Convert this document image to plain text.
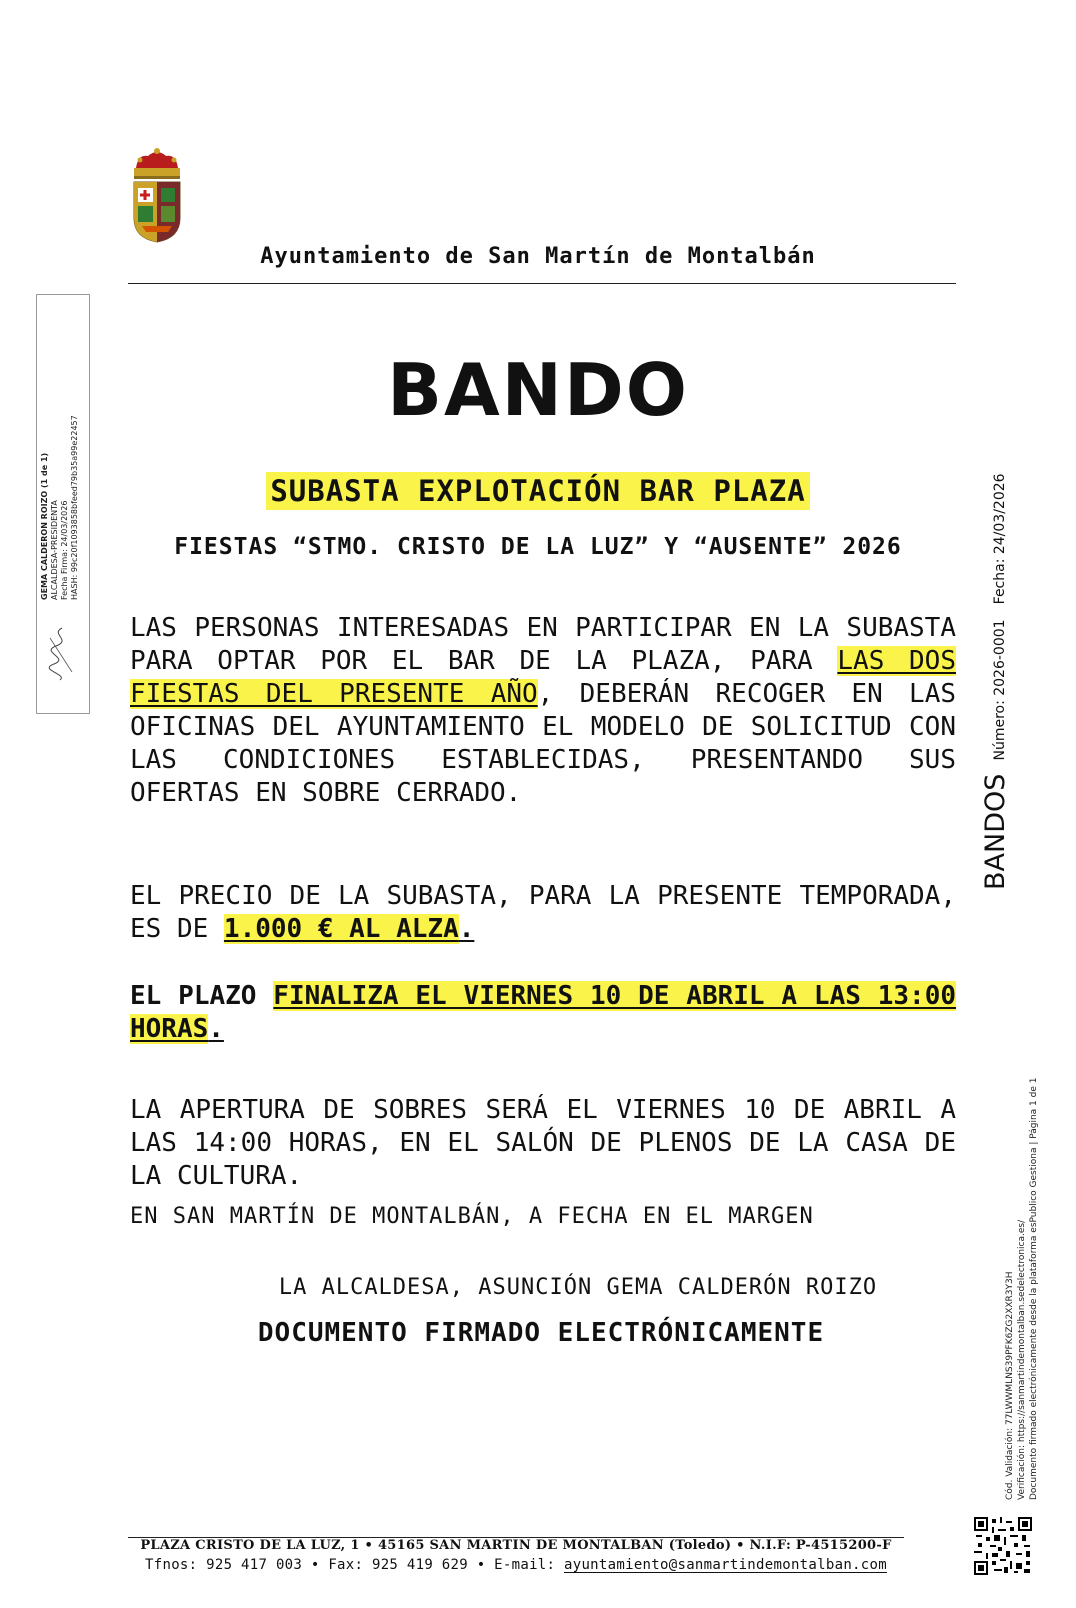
Ayuntamiento de San Martín de Montalbán
BANDO
SUBASTA EXPLOTACIÓN BAR PLAZA
FIESTAS “STMO. CRISTO DE LA LUZ” Y “AUSENTE” 2026
LAS PERSONAS INTERESADAS EN PARTICIPAR EN LA SUBASTA PARA OPTAR POR EL BAR DE LA PLAZA, PARA LAS DOS FIESTAS DEL PRESENTE AÑO, DEBERÁN RECOGER EN LAS OFICINAS DEL AYUNTAMIENTO EL MODELO DE SOLICITUD CON LAS CONDICIONES ESTABLECIDAS, PRESENTANDO SUS OFERTAS EN SOBRE CERRADO.
EL PRECIO DE LA SUBASTA, PARA LA PRESENTE TEMPORADA, ES DE 1.000 € AL ALZA.
EL PLAZO FINALIZA EL VIERNES 10 DE ABRIL A LAS 13:00 HORAS.
LA APERTURA DE SOBRES SERÁ EL VIERNES 10 DE ABRIL A LAS 14:00 HORAS, EN EL SALÓN DE PLENOS DE LA CASA DE LA CULTURA.
EN SAN MARTÍN DE MONTALBÁN, A FECHA EN EL MARGEN
LA ALCALDESA, ASUNCIÓN GEMA CALDERÓN ROIZO
DOCUMENTO FIRMADO ELECTRÓNICAMENTE
PLAZA CRISTO DE LA LUZ, 1 • 45165 SAN MARTIN DE MONTALBAN (Toledo) • N.I.F: P-4515200-F
Tfnos: 925 417 003 • Fax: 925 419 629 • E-mail: ayuntamiento@sanmartindemontalban.com
GEMA CALDERON ROIZO (1 de 1) ALCALDESA-PRESIDENTA Fecha Firma: 24/03/2026 HASH: 99c20f1093858bfeed79b35a99e22457
BANDOS Número: 2026-0001 Fecha: 24/03/2026
Cód. Validación: 77LWWMLNS39PFK6ZG2XXR3Y3H Verificación: https://sanmartindemontalban.sedelectronica.es/ Documento firmado electrónicamente desde la plataforma esPublico Gestiona | Página 1 de 1
